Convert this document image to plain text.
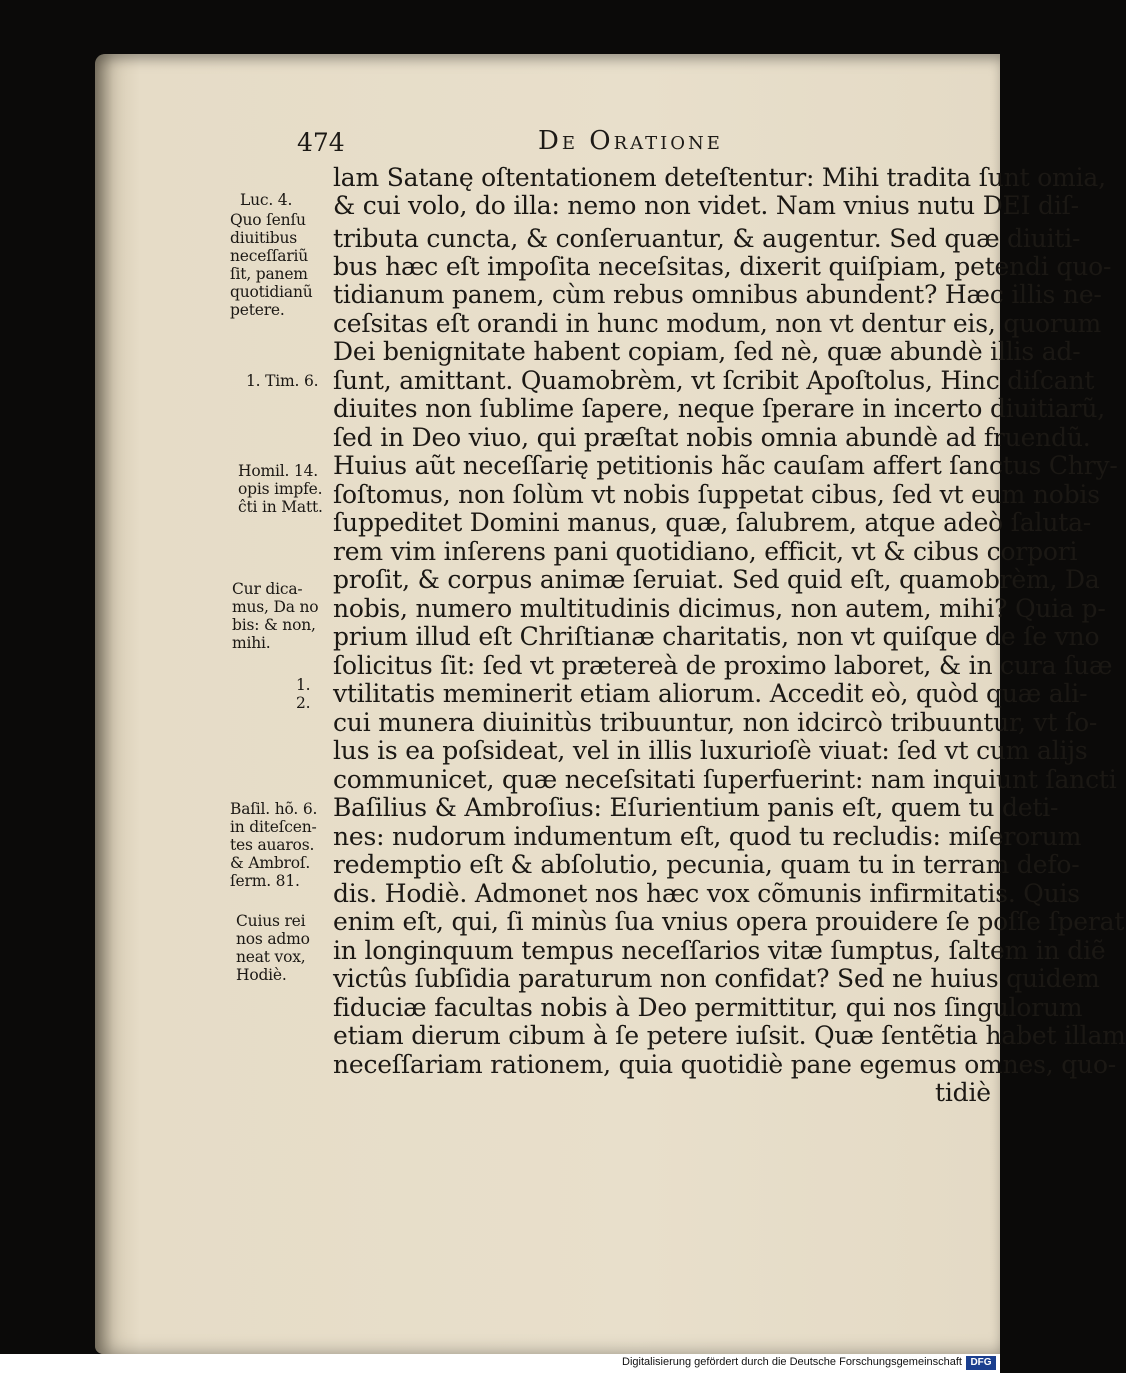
474	De Oratione
lam Satanę oſtentationem deteſtentur: Mihi tradita ſunt omia,
& cui volo, do illa: nemo non videt. Nam vnius nutu DEI diſ-
tributa cuncta, & conſeruantur, & augentur. Sed quæ diuiti-
bus hæc eſt impoſita neceſsitas, dixerit quiſpiam, petendi quo-
tidianum panem, cùm rebus omnibus abundent? Hæc illis ne-
ceſsitas eſt orandi in hunc modum, non vt dentur eis, quorum
Dei benignitate habent copiam, ſed nè, quæ abundè illis ad-
ſunt, amittant. Quamobrèm, vt ſcribit Apoſtolus, Hinc diſcant
diuites non ſublime ſapere, neque ſperare in incerto diuitiarũ,
ſed in Deo viuo, qui præſtat nobis omnia abundè ad fruendũ.
Huius aũt neceſſarię petitionis hãc cauſam affert ſanctus Chry-
ſoſtomus, non ſolùm vt nobis ſuppetat cibus, ſed vt eum nobis
ſuppeditet Domini manus, quæ, ſalubrem, atque adeò ſaluta-
rem vim inſerens pani quotidiano, efficit, vt & cibus corpori
proſit, & corpus animæ ſeruiat. Sed quid eſt, quamobrèm, Da
nobis, numero multitudinis dicimus, non autem, mihi? Quia p-
prium illud eſt Chriſtianæ charitatis, non vt quiſque de ſe vno
ſolicitus ſit: ſed vt prætereà de proximo laboret, & in cura ſuæ
vtilitatis meminerit etiam aliorum. Accedit eò, quòd quæ ali-
cui munera diuinitùs tribuuntur, non idcircò tribuuntur, vt ſo-
lus is ea poſsideat, vel in illis luxurioſè viuat: ſed vt cum alijs
communicet, quæ neceſsitati ſuperfuerint: nam inquiunt ſancti
Baſilius & Ambroſius: Eſurientium panis eſt, quem tu deti-
nes: nudorum indumentum eſt, quod tu recludis: miſerorum
redemptio eſt & abſolutio, pecunia, quam tu in terram defo-
dis. Hodiè. Admonet nos hæc vox cõmunis infirmitatis. Quis
enim eſt, qui, ſi minùs ſua vnius opera prouidere ſe poſſe ſperat
in longinquum tempus neceſſarios vitæ ſumptus, ſaltem in diẽ
victûs ſubſidia paraturum non confidat? Sed ne huius quidem
fiduciæ facultas nobis à Deo permittitur, qui nos ſingulorum
etiam dierum cibum à ſe petere iuſsit. Quæ ſentẽtia habet illam
neceſſariam rationem, quia quotidiè pane egemus omnes, quo-
tidiè
Luc. 4.
Quo ſenſu
diuitibus
neceſſariũ
ſit, panem
quotidianũ
petere.
1. Tim. 6.
Homil. 14.
opis impfe.
ĉti in Matt.
Cur dica-
mus, Da no
bis: & non,
mihi.
1.
2.
Baſil. hõ. 6.
in diteſcen-
tes auaros.
& Ambroſ.
ſerm. 81.
Cuius rei
nos admo
neat vox,
Hodiè.
Digitalisierung gefördert durch die Deutsche Forschungsgemeinschaft DFG
